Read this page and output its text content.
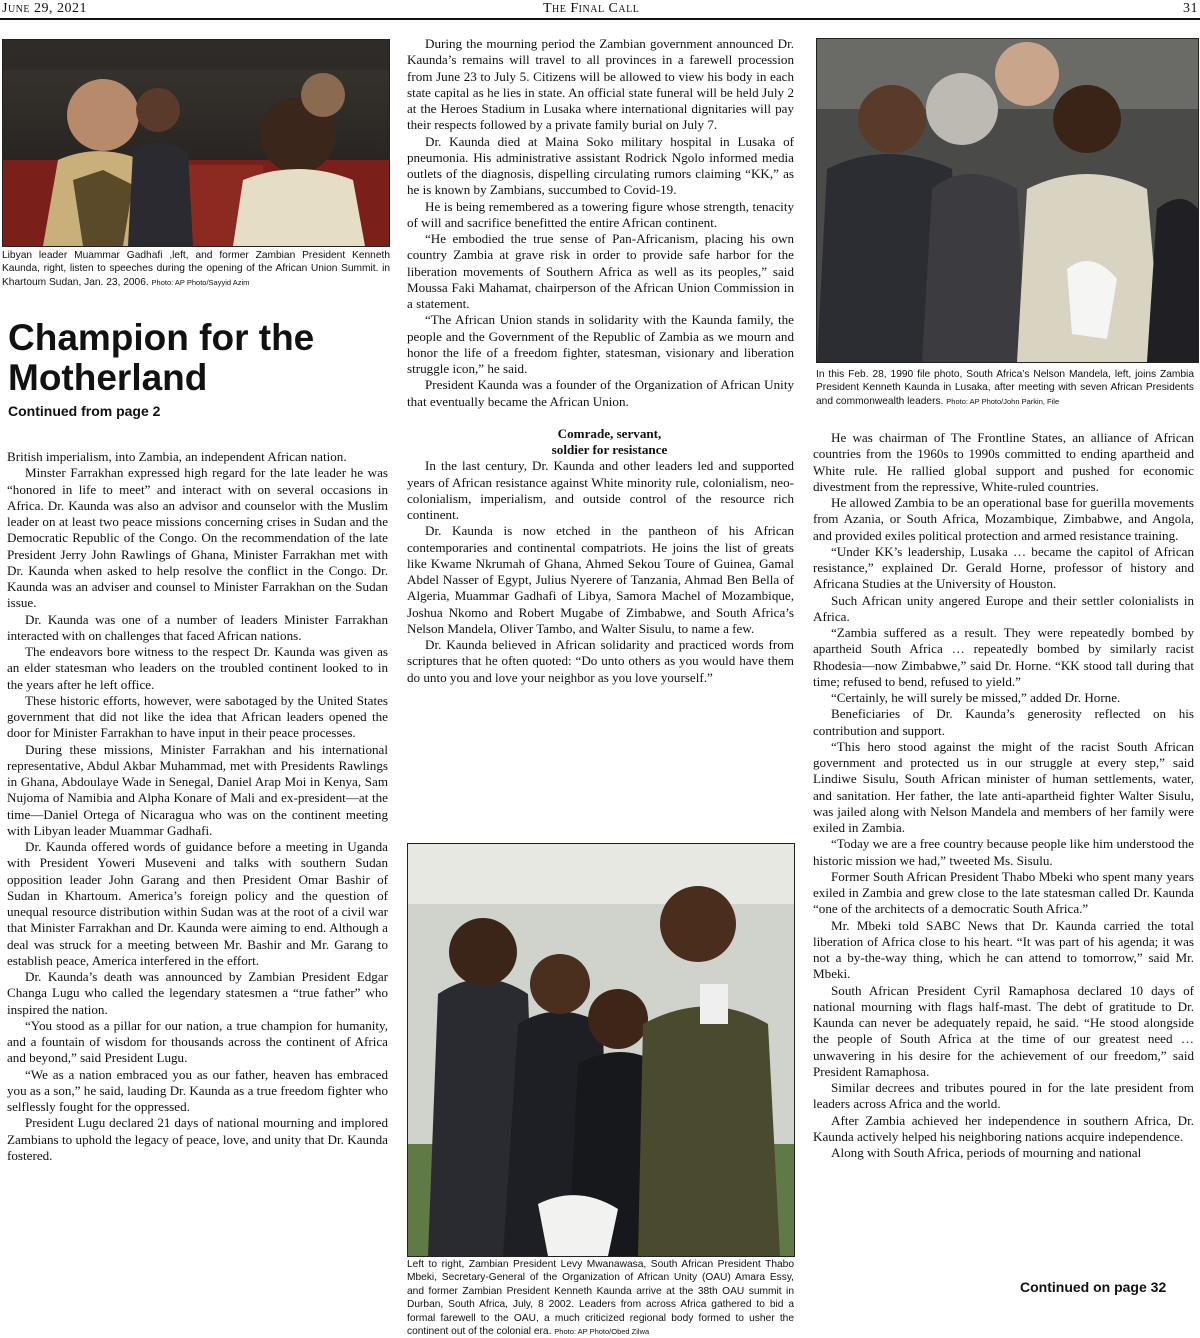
June 29, 2021	The Final Call	31
Libyan leader Muammar Gadhafi ,left, and former Zambian President Kenneth Kaunda, right, listen to speeches during the opening of the African Union Summit. in Khartoum Sudan, Jan. 23, 2006. Photo: AP Photo/Sayyid Azim
Champion for the Motherland
Continued from page 2

British imperialism, into Zambia, an independent African nation.

Minster Farrakhan expressed high regard for the late leader he was “honored in life to meet” and interact with on several occasions in Africa. Dr. Kaunda was also an advisor and counselor with the Muslim leader on at least two peace missions concerning crises in Sudan and the Democratic Republic of the Congo. On the recommendation of the late President Jerry John Rawlings of Ghana, Minister Farrakhan met with Dr. Kaunda when asked to help resolve the conflict in the Congo. Dr. Kaunda was an adviser and counsel to Minister Farrakhan on the Sudan issue.

Dr. Kaunda was one of a number of leaders Minister Farrakhan interacted with on challenges that faced African nations.

The endeavors bore witness to the respect Dr. Kaunda was given as an elder statesman who leaders on the troubled continent looked to in the years after he left office.

These historic efforts, however, were sabotaged by the United States government that did not like the idea that African leaders opened the door for Minister Farrakhan to have input in their peace processes.

During these missions, Minister Farrakhan and his international representative, Abdul Akbar Muhammad, met with Presidents Rawlings in Ghana, Abdoulaye Wade in Senegal, Daniel Arap Moi in Kenya, Sam Nujoma of Namibia and Alpha Konare of Mali and ex-president—at the time—Daniel Ortega of Nicaragua who was on the continent meeting with Libyan leader Muammar Gadhafi.

Dr. Kaunda offered words of guidance before a meeting in Uganda with President Yoweri Museveni and talks with southern Sudan opposition leader John Garang and then President Omar Bashir of Sudan in Khartoum. America’s foreign policy and the question of unequal resource distribution within Sudan was at the root of a civil war that Minister Farrakhan and Dr. Kaunda were aiming to end. Although a deal was struck for a meeting between Mr. Bashir and Mr. Garang to establish peace, America interfered in the effort.

Dr. Kaunda’s death was announced by Zambian President Edgar Changa Lugu who called the legendary statesmen a “true father” who inspired the nation.

“You stood as a pillar for our nation, a true champion for humanity, and a fountain of wisdom for thousands across the continent of Africa and beyond,” said President Lugu.

“We as a nation embraced you as our father, heaven has embraced you as a son,” he said, lauding Dr. Kaunda as a true freedom fighter who selflessly fought for the oppressed.

President Lugu declared 21 days of national mourning and implored Zambians to uphold the legacy of peace, love, and unity that Dr. Kaunda fostered.

During the mourning period the Zambian government announced Dr. Kaunda’s remains will travel to all provinces in a farewell procession from June 23 to July 5. Citizens will be allowed to view his body in each state capital as he lies in state. An official state funeral will be held July 2 at the Heroes Stadium in Lusaka where international dignitaries will pay their respects followed by a private family burial on July 7.

Dr. Kaunda died at Maina Soko military hospital in Lusaka of pneumonia. His administrative assistant Rodrick Ngolo informed media outlets of the diagnosis, dispelling circulating rumors claiming “KK,” as he is known by Zambians, succumbed to Covid-19.

He is being remembered as a towering figure whose strength, tenacity of will and sacrifice benefitted the entire African continent.

“He embodied the true sense of Pan-Africanism, placing his own country Zambia at grave risk in order to provide safe harbor for the liberation movements of Southern Africa as well as its peoples,” said Moussa Faki Mahamat, chairperson of the African Union Commission in a statement.

“The African Union stands in solidarity with the Kaunda family, the people and the Government of the Republic of Zambia as we mourn and honor the life of a freedom fighter, statesman, visionary and liberation struggle icon,” he said.

President Kaunda was a founder of the Organization of African Unity that eventually became the African Union.

Comrade, servant,

soldier for resistance

In the last century, Dr. Kaunda and other leaders led and supported years of African resistance against White minority rule, colonialism, neo-colonialism, imperialism, and outside control of the resource rich continent.

Dr. Kaunda is now etched in the pantheon of his African contemporaries and continental compatriots. He joins the list of greats like Kwame Nkrumah of Ghana, Ahmed Sekou Toure of Guinea, Gamal Abdel Nasser of Egypt, Julius Nyerere of Tanzania, Ahmad Ben Bella of Algeria, Muammar Gadhafi of Libya, Samora Machel of Mozambique, Joshua Nkomo and Robert Mugabe of Zimbabwe, and South Africa’s Nelson Mandela, Oliver Tambo, and Walter Sisulu, to name a few.

Dr. Kaunda believed in African solidarity and practiced words from scriptures that he often quoted: “Do unto others as you would have them do unto you and love your neighbor as you love yourself.”

Left to right, Zambian President Levy Mwanawasa, South African President Thabo Mbeki, Secretary-General of the Organization of African Unity (OAU) Amara Essy, and former Zambian President Kenneth Kaunda arrive at the 38th OAU summit in Durban, South Africa, July, 8 2002. Leaders from across Africa gathered to bid a formal farewell to the OAU, a much criticized regional body formed to usher the continent out of the colonial era. Photo: AP Photo/Obed Zilwa
In this Feb. 28, 1990 file photo, South Africa’s Nelson Mandela, left, joins Zambia President Kenneth Kaunda in Lusaka, after meeting with seven African Presidents and commonwealth leaders. Photo: AP Photo/John Parkin, File

He was chairman of The Frontline States, an alliance of African countries from the 1960s to 1990s committed to ending apartheid and White rule. He rallied global support and pushed for economic divestment from the repressive, White-ruled countries.

He allowed Zambia to be an operational base for guerilla movements from Azania, or South Africa, Mozambique, Zimbabwe, and Angola, and provided exiles political protection and armed resistance training.

“Under KK’s leadership, Lusaka … became the capitol of African resistance,” explained Dr. Gerald Horne, professor of history and Africana Studies at the University of Houston.

Such African unity angered Europe and their settler colonialists in Africa.

“Zambia suffered as a result. They were repeatedly bombed by apartheid South Africa … repeatedly bombed by similarly racist Rhodesia—now Zimbabwe,” said Dr. Horne. “KK stood tall during that time; refused to bend, refused to yield.”

“Certainly, he will surely be missed,” added Dr. Horne.

Beneficiaries of Dr. Kaunda’s generosity reflected on his contribution and support.

“This hero stood against the might of the racist South African government and protected us in our struggle at every step,” said Lindiwe Sisulu, South African minister of human settlements, water, and sanitation. Her father, the late anti-apartheid fighter Walter Sisulu, was jailed along with Nelson Mandela and members of her family were exiled in Zambia.

“Today we are a free country because people like him understood the historic mission we had,” tweeted Ms. Sisulu.

Former South African President Thabo Mbeki who spent many years exiled in Zambia and grew close to the late statesman called Dr. Kaunda “one of the architects of a democratic South Africa.”

Mr. Mbeki told SABC News that Dr. Kaunda carried the total liberation of Africa close to his heart. “It was part of his agenda; it was not a by-the-way thing, which he can attend to tomorrow,” said Mr. Mbeki.

South African President Cyril Ramaphosa declared 10 days of national mourning with flags half-mast. The debt of gratitude to Dr. Kaunda can never be adequately repaid, he said. “He stood alongside the people of South Africa at the time of our greatest need … unwavering in his desire for the achievement of our freedom,” said President Ramaphosa.

Similar decrees and tributes poured in for the late president from leaders across Africa and the world.

After Zambia achieved her independence in southern Africa, Dr. Kaunda actively helped his neighboring nations acquire independence.

Along with South Africa, periods of mourning and national

Continued on page 32
